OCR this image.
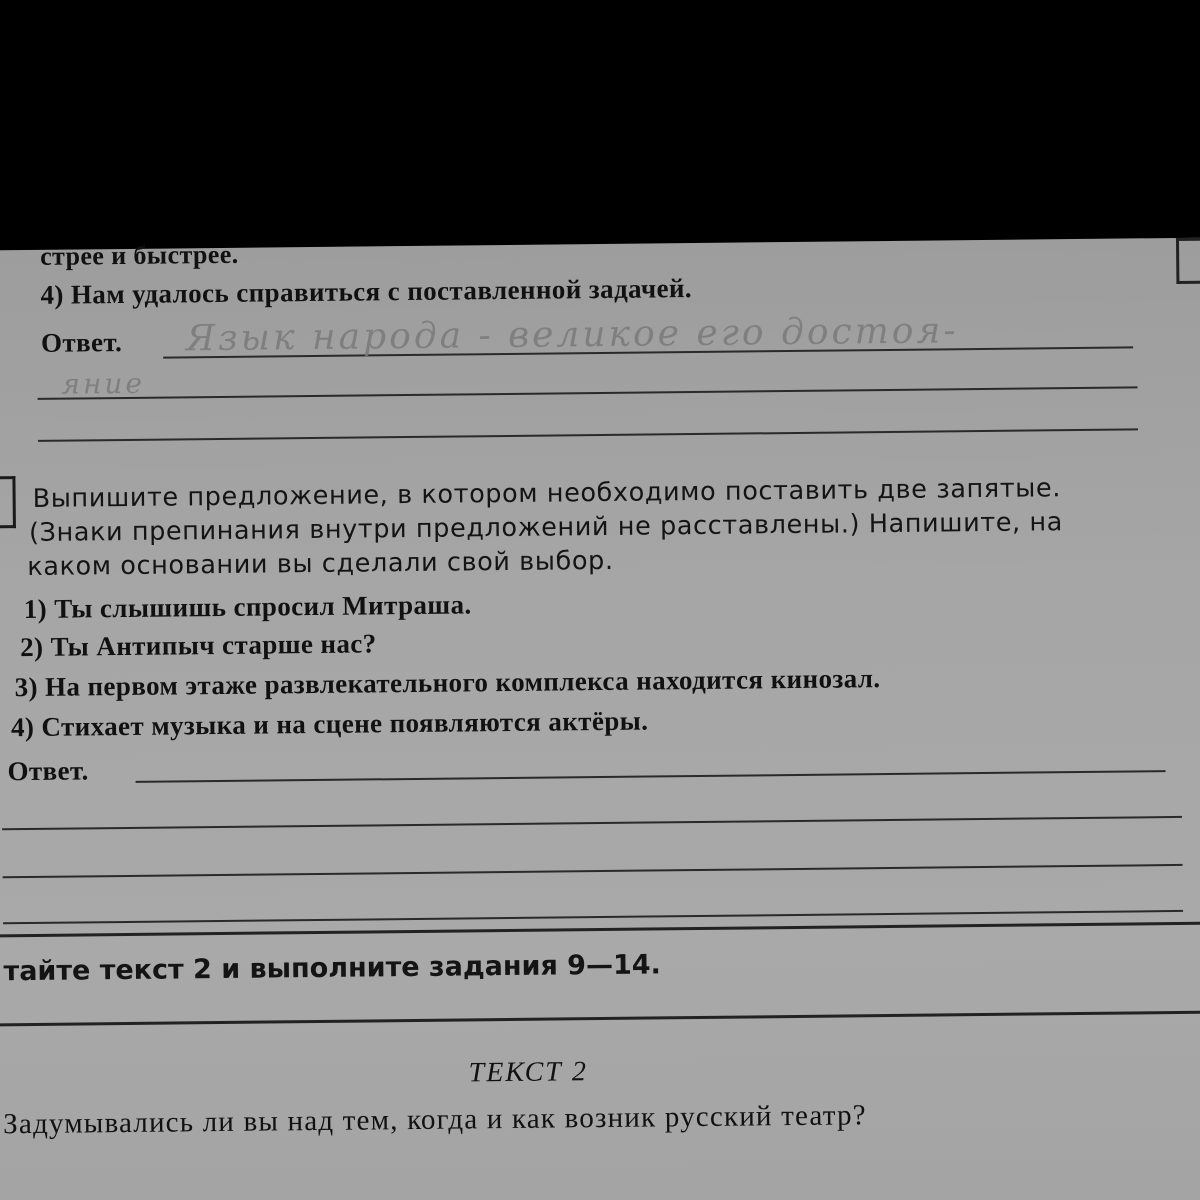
стрее и быстрее.
4) Нам удалось справиться с поставленной задачей.
Ответ. Язык народа - великое его достоя-
яние
Выпишите предложение, в котором необходимо поставить две запятые.
(Знаки препинания внутри предложений не расставлены.) Напишите, на
каком основании вы сделали свой выбор.
1) Ты слышишь спросил Митраша.
2) Ты Антипыч старше нас?
3) На первом этаже развлекательного комплекса находится кинозал.
4) Стихает музыка и на сцене появляются актёры.
Ответ.
тайте текст 2 и выполните задания 9—14.
ТЕКСТ 2
Задумывались ли вы над тем, когда и как возник русский театр?
